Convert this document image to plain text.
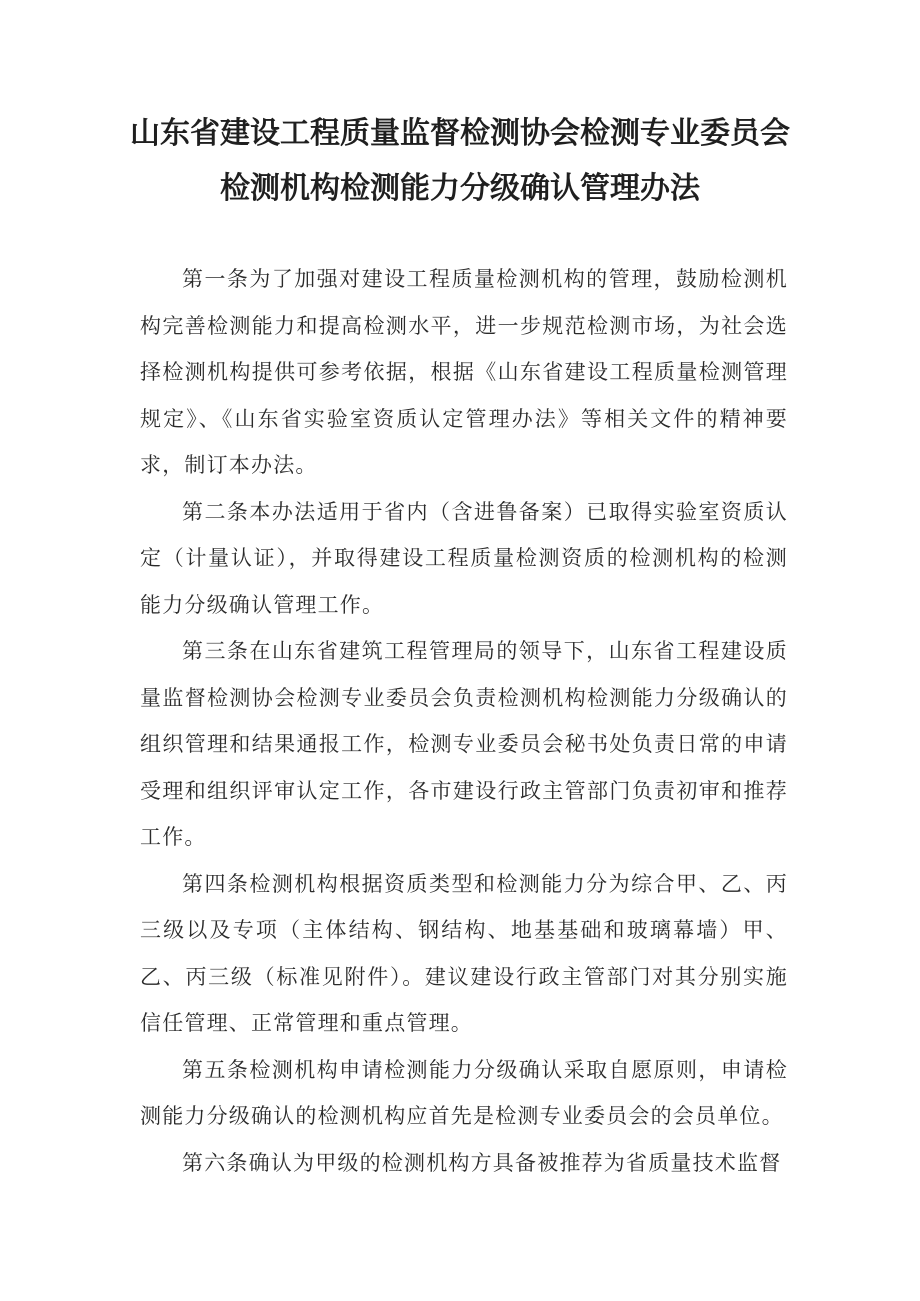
山东省建设工程质量监督检测协会检测专业委员会
检测机构检测能力分级确认管理办法

第一条为了加强对建设工程质量检测机构的管理，鼓励检测机构完善检测能力和提高检测水平，进一步规范检测市场，为社会选择检测机构提供可参考依据，根据《山东省建设工程质量检测管理规定》、《山东省实验室资质认定管理办法》等相关文件的精神要求，制订本办法。

第二条本办法适用于省内（含进鲁备案）已取得实验室资质认定（计量认证），并取得建设工程质量检测资质的检测机构的检测能力分级确认管理工作。

第三条在山东省建筑工程管理局的领导下，山东省工程建设质量监督检测协会检测专业委员会负责检测机构检测能力分级确认的组织管理和结果通报工作，检测专业委员会秘书处负责日常的申请受理和组织评审认定工作，各市建设行政主管部门负责初审和推荐工作。

第四条检测机构根据资质类型和检测能力分为综合甲、乙、丙三级以及专项（主体结构、钢结构、地基基础和玻璃幕墙）甲、乙、丙三级（标准见附件）。建议建设行政主管部门对其分别实施信任管理、正常管理和重点管理。

第五条检测机构申请检测能力分级确认采取自愿原则，申请检测能力分级确认的检测机构应首先是检测专业委员会的会员单位。

第六条确认为甲级的检测机构方具备被推荐为省质量技术监督
